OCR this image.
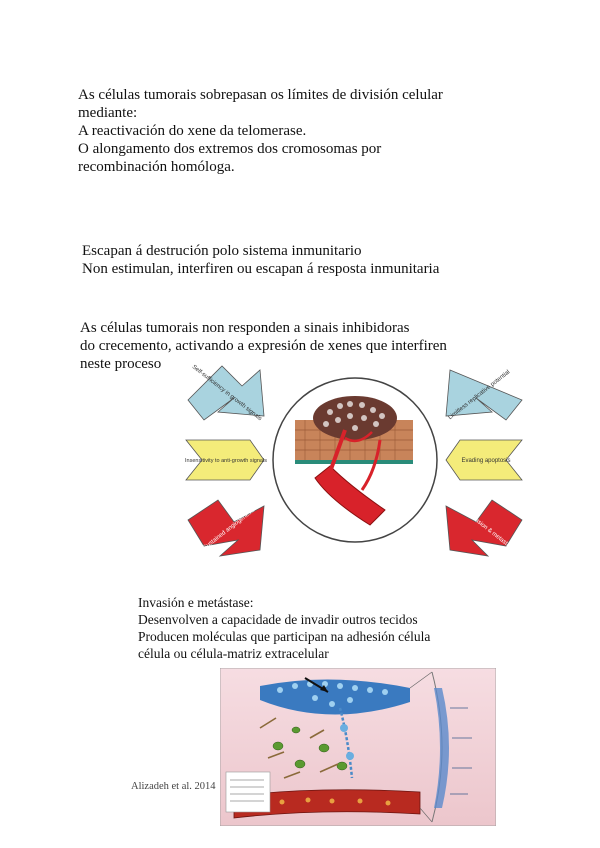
As células tumorais sobrepasan os límites de división celular

mediante:

A reactivación do xene da telomerase.

O alongamento dos extremos dos cromosomas por

recombinación homóloga.

Escapan á destrución polo sistema inmunitario

Non estimulan, interfiren ou escapan á resposta inmunitaria

As células tumorais non responden a sinais inhibidoras

do crecemento, activando a expresión de xenes que interfiren

neste proceso

Self-sufficiency in growth signals	Limitless replicative potential
Insensitivity to anti-growth signals	Evading apoptosis
Sustained angiogenesis	Tissue invasion & metastasis

Invasión e metástase:

Desenvolven a capacidade de invadir outros tecidos

Producen moléculas que participan na adhesión célula

célula ou célula-matriz extracelular

Alizadeh et al. 2014
